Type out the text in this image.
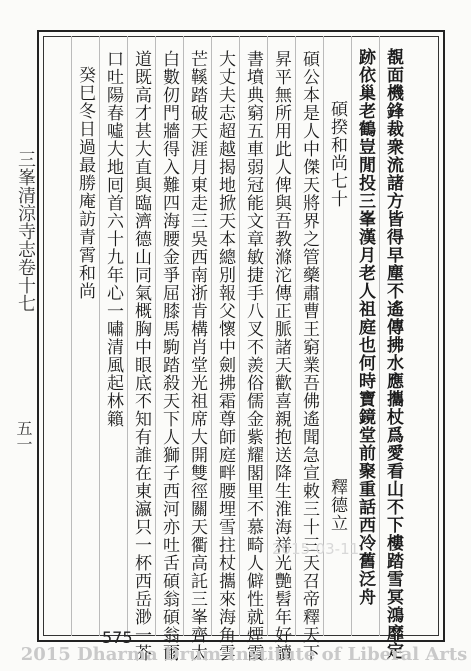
三峯清涼寺志卷十七
五一	覩面機鋒裁衆流諸方皆得早塵不遙傳拂水應攜杖爲愛看山不下樓踏雪冥鴻靡定
跡依巢老鶴豈閒投三峯漢月老人祖庭也何時寶鏡堂前聚重話西冷舊泛舟
碩揆和尚七十　　　　　　　　　　　　　　　釋德立
碩公本是人中傑天將界之管藥肅曹王窮業吾佛遙聞急宣敕三十三天召帝釋天下
昇平無所用此人俾與吾教滌沱傳正脈諸天歡喜親抱送降生淮海祥光艷髫年好讀
書墳典窮五車弱冠能文章敏捷手八叉不羨俗儒金紫耀閣里不慕畸人僻性就煙霞
大丈夫志超越揭地掀天本總別報父懷中劍拂霜尊師庭畔腰埋雪拄杖攜來海角雲
芒鞵踏破天涯月東走三吳西南浙肯構肖堂光祖席大開雙徑關天衢高託三峯齊太
白數仞門牆得入難四海腰金爭屈膝馬駒踏殺天下人獅子西河亦吐舌碩翁碩翁爾
道既高才甚大直與臨濟德山同氣概胸中眼底不知有誰在東瀛只一杯西岳渺一芥
口吐陽春噓大地囘首六十九年心一嘯清風起林籟
癸巳冬日過最勝庵訪青霄和尚
2015-03-11
575
2015 Dharma Drum Institute of Liberal Arts
